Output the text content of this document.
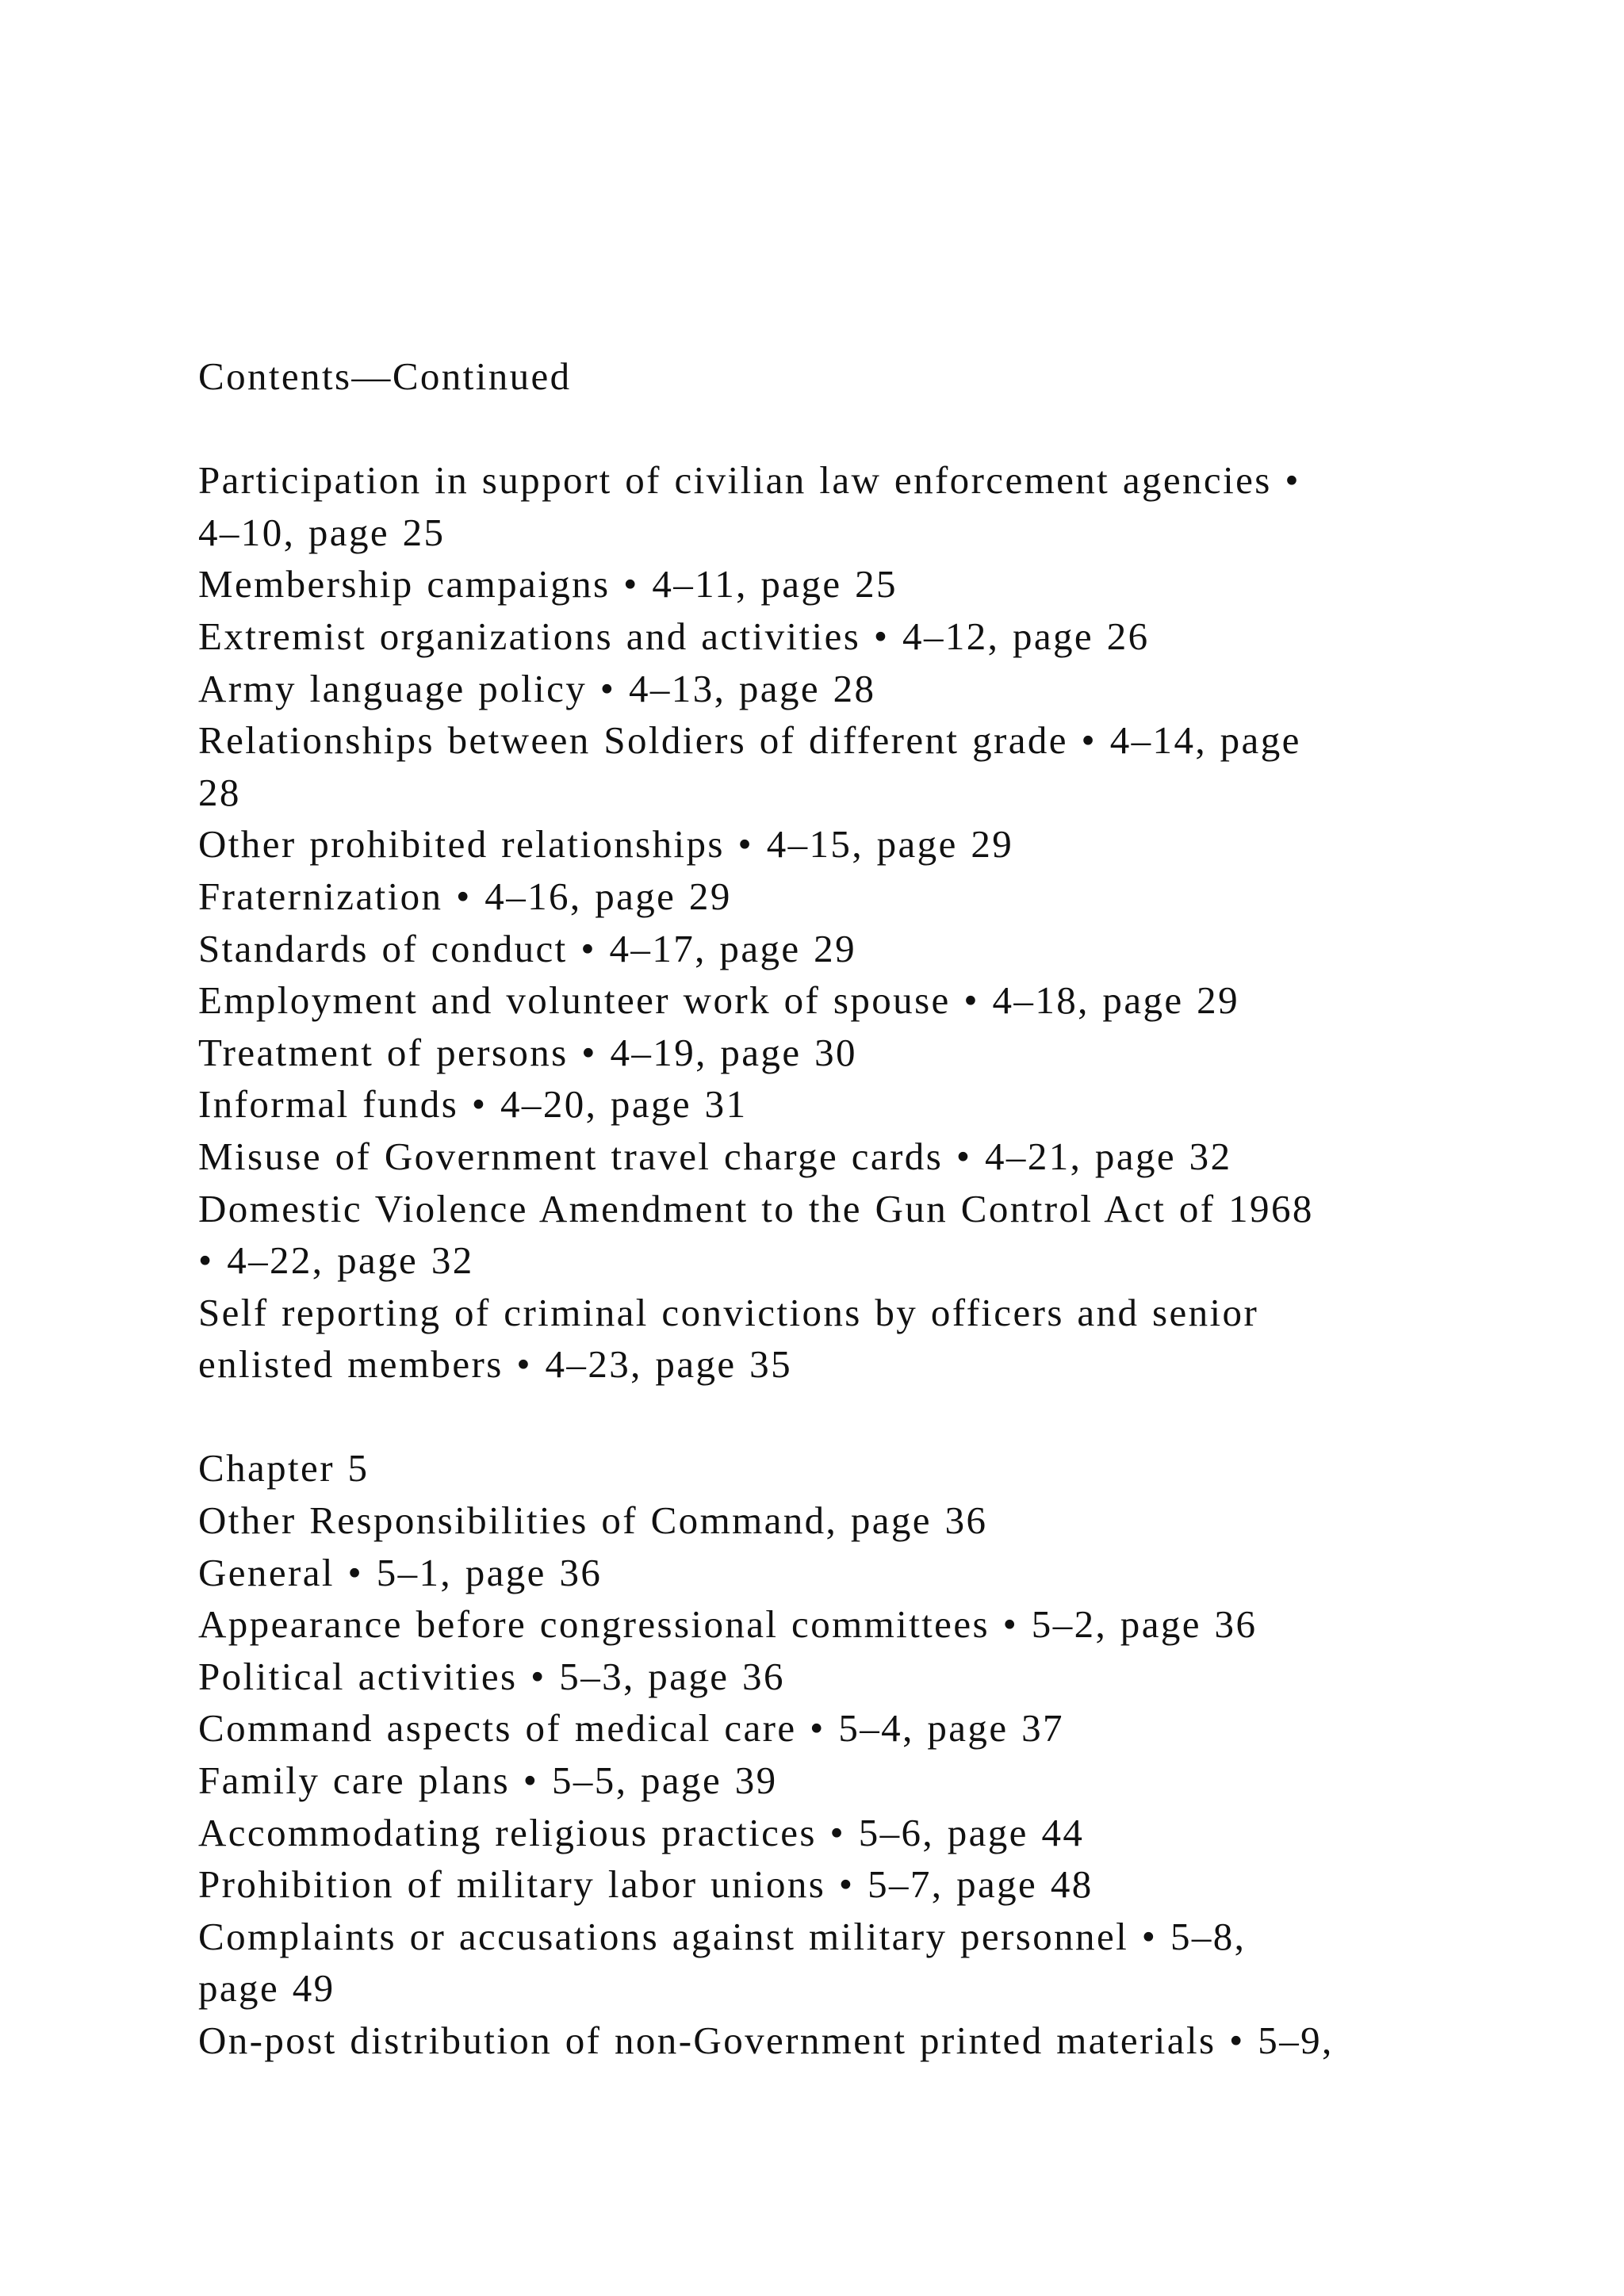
Contents—Continued
Participation in support of civilian law enforcement agencies •
4–10, page 25
Membership campaigns • 4–11, page 25
Extremist organizations and activities • 4–12, page 26
Army language policy • 4–13, page 28
Relationships between Soldiers of different grade • 4–14, page
28
Other prohibited relationships • 4–15, page 29
Fraternization • 4–16, page 29
Standards of conduct • 4–17, page 29
Employment and volunteer work of spouse • 4–18, page 29
Treatment of persons • 4–19, page 30
Informal funds • 4–20, page 31
Misuse of Government travel charge cards • 4–21, page 32
Domestic Violence Amendment to the Gun Control Act of 1968
• 4–22, page 32
Self reporting of criminal convictions by officers and senior
enlisted members • 4–23, page 35
Chapter 5
Other Responsibilities of Command, page 36
General • 5–1, page 36
Appearance before congressional committees • 5–2, page 36
Political activities • 5–3, page 36
Command aspects of medical care • 5–4, page 37
Family care plans • 5–5, page 39
Accommodating religious practices • 5–6, page 44
Prohibition of military labor unions • 5–7, page 48
Complaints or accusations against military personnel • 5–8,
page 49
On-post distribution of non-Government printed materials • 5–9,
